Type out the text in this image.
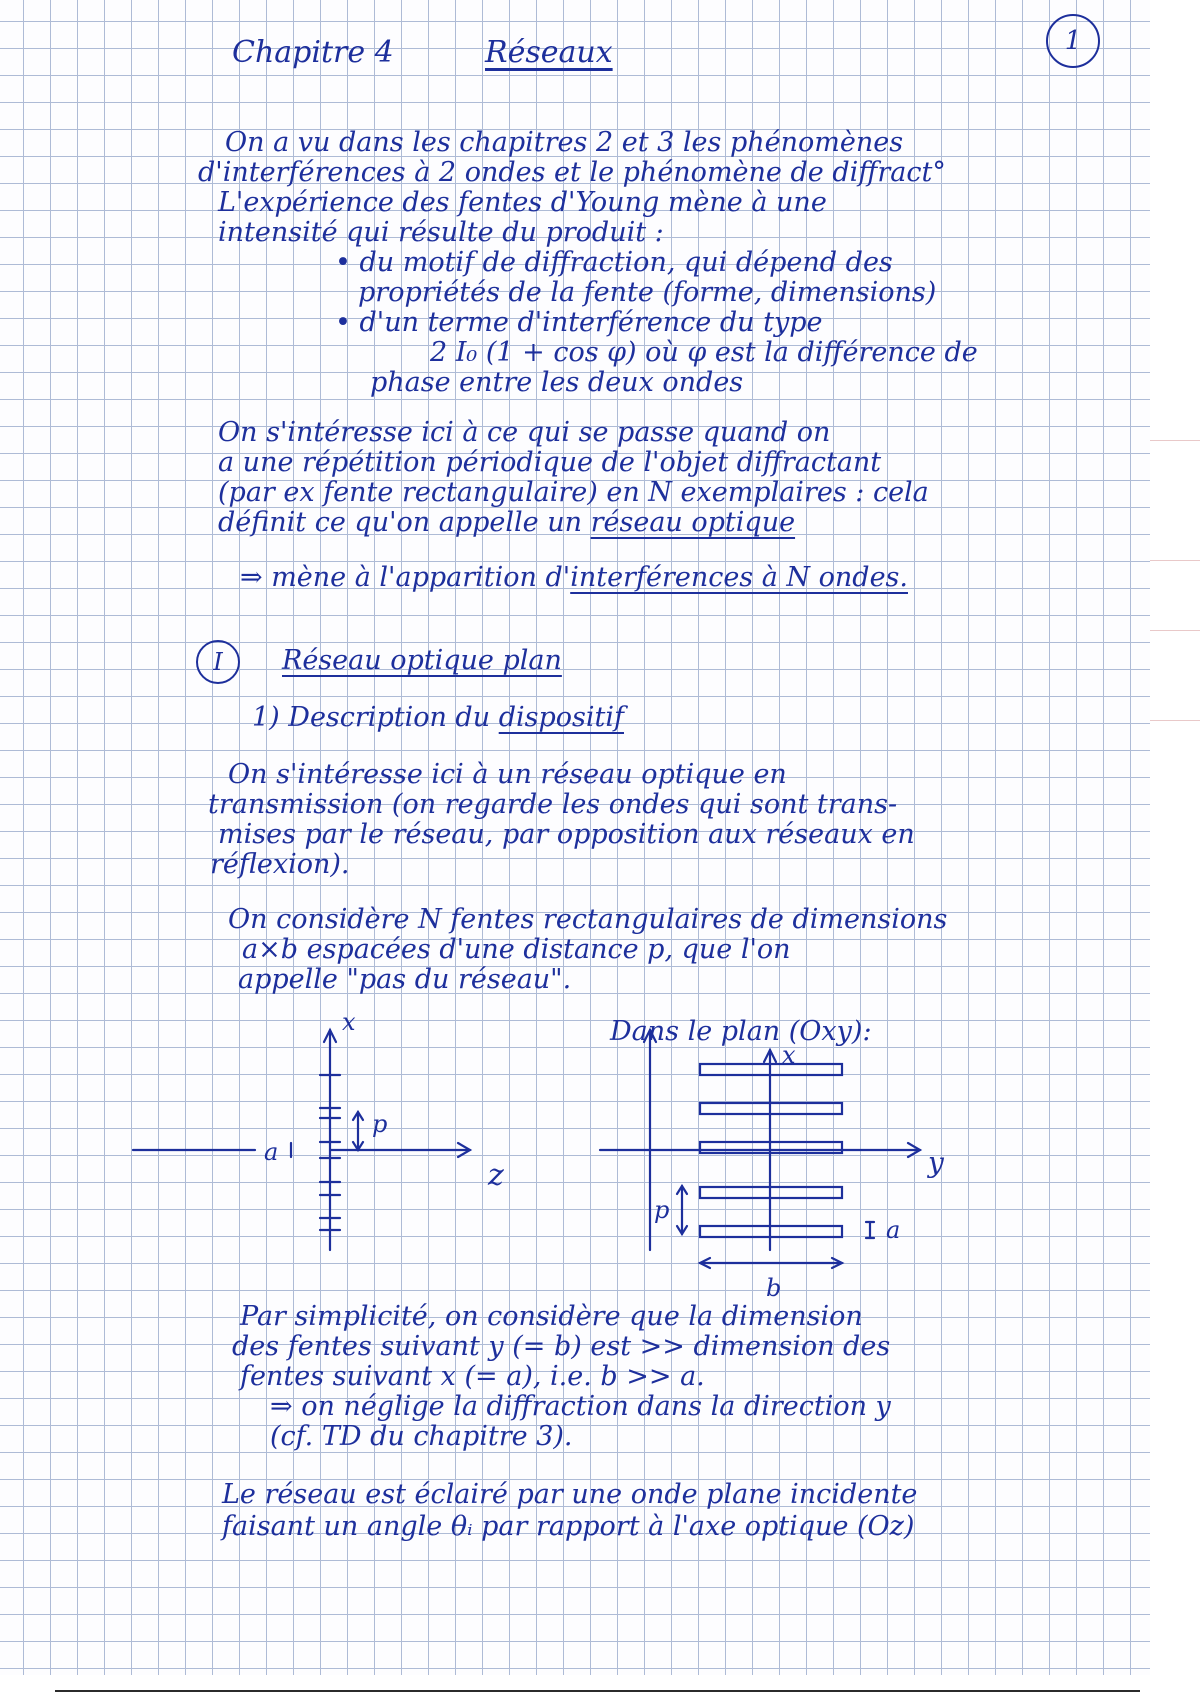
Chapitre 4	Réseaux	1

On a vu dans les chapitres 2 et 3 les phénomènes

d'interférences à 2 ondes et le phénomène de diffract°

L'expérience des fentes d'Young mène à une

intensité qui résulte du produit :

• du motif de diffraction, qui dépend des

propriétés de la fente (forme, dimensions)

• d'un terme d'interférence du type

2 I₀ (1 + cos φ) où φ est la différence de

phase entre les deux ondes

On s'intéresse ici à ce qui se passe quand on

a une répétition périodique de l'objet diffractant

(par ex fente rectangulaire) en N exemplaires : cela

définit ce qu'on appelle un réseau optique

⇒ mène à l'apparition d'interférences à N ondes.

I Réseau optique plan

1) Description du dispositif

On s'intéresse ici à un réseau optique en

transmission (on regarde les ondes qui sont trans-

mises par le réseau, par opposition aux réseaux en

réflexion).

On considère N fentes rectangulaires de dimensions

a×b espacées d'une distance p, que l'on

appelle "pas du réseau".

x
z
a
p
Dans le plan (Oxy):
x
y
p
a
b

Par simplicité, on considère que la dimension

des fentes suivant y (= b) est >> dimension des

fentes suivant x (= a), i.e. b >> a.

⇒ on néglige la diffraction dans la direction y

(cf. TD du chapitre 3).

Le réseau est éclairé par une onde plane incidente

faisant un angle θᵢ par rapport à l'axe optique (Oz)
